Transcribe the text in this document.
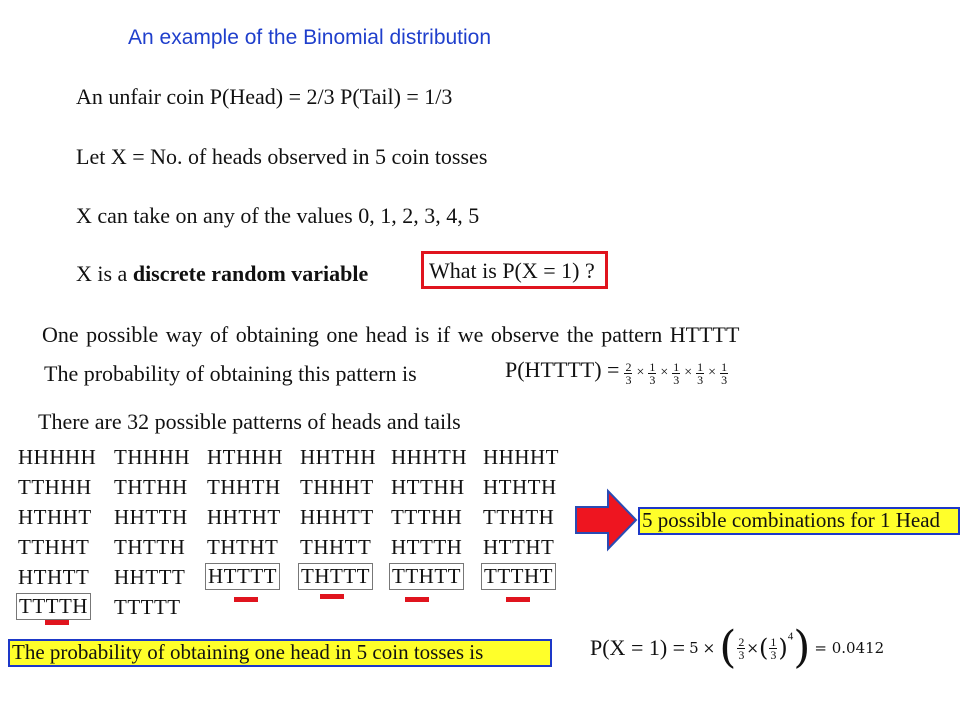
An example of the Binomial distribution
An unfair coin P(Head) = 2/3 P(Tail) = 1/3
Let X = No. of heads observed in 5 coin tosses
X can take on any of the values 0, 1, 2, 3, 4, 5
X is a discrete random variable	What is P(X = 1) ?
One possible way of obtaining one head is if we observe the pattern HTTTT
The probability of obtaining this pattern is	P(HTTTT) = $\frac{2}{3} \times \frac{1}{3} \times \frac{1}{3} \times \frac{1}{3} \times \frac{1}{3}$
There are 32 possible patterns of heads and tails
HHHHH THHHH HTHHH HHTHH HHHTH HHHHT
TTHHH THTHH THHTH THHHT HTTHH HTHTH
HTHHT HHTTH HHTHT HHHTT TTTHH TTHTH
TTHHT THTTH THTHT THHTT HTTTH HTTHT
HTHTT HHTTT HTTTT THTTT TTHTT TTTHT
TTTTH TTTTT
5 possible combinations for 1 Head
The probability of obtaining one head in 5 coin tosses is	P(X = 1) = 5 × ( $\frac{2}{3}$ ×( $\frac{1}{3} )^4) = 0.0412$
